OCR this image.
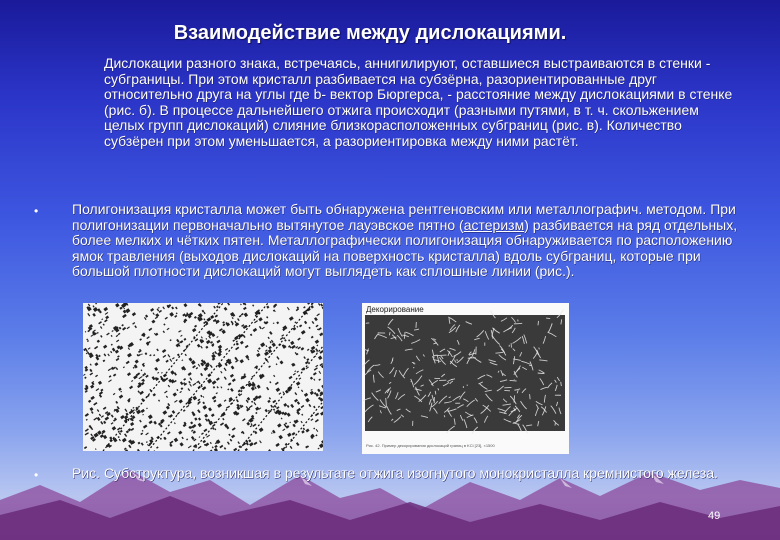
Взаимодействие между дислокациями.
Дислокации разного знака, встречаясь, аннигилируют, оставшиеся выстраиваются в стенки - субграницы. При этом кристалл разбивается на субзёрна, разориентированные друг относительно друга на углы где b- вектор Бюргерса, - расстояние между дислокациями в стенке (рис. б). В процессе дальнейшего отжига происходит (разными путями, в т. ч. скольжением целых групп дислокаций) слияние близкорасположенных субграниц (рис. в). Количество субзёрен при этом уменьшается, а разориентировка между ними растёт.
• Полигонизация кристалла может быть обнаружена рентгеновским или металлографич. методом. При полигонизации первоначально вытянутое лауэвское пятно (астеризм) разбивается на ряд отдельных, более мелких и чётких пятен. Металлографически полигонизация обнаруживается по расположению ямок травления (выходов дислокаций на поверхность кристалла) вдоль субграниц, которые при большой плотности дислокаций могут выглядеть как сплошные линии (рис.).
Декорирование
Рис. 42. Пример декорирования дислокаций границ в KCl [23], ×1500
• Рис. Субструктура, возникшая в результате отжига изогнутого монокристалла кремнистого железа.
49
